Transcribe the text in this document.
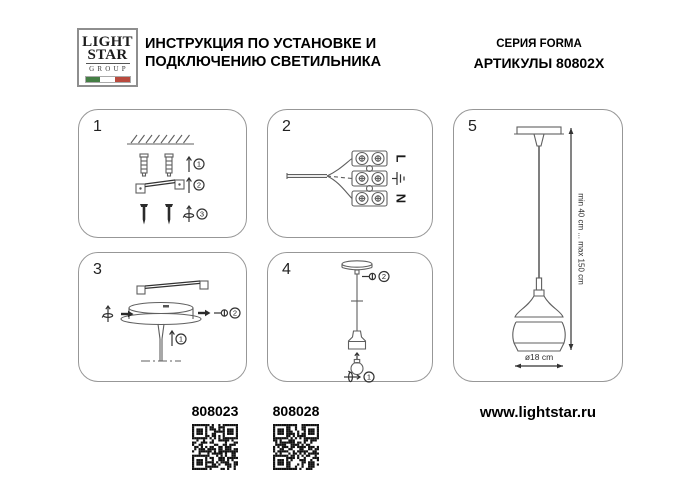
LIGHT
STAR
GROUP
ИНСТРУКЦИЯ ПО УСТАНОВКЕ И
ПОДКЛЮЧЕНИЮ СВЕТИЛЬНИКА
СЕРИЯ FORMA
АРТИКУЛЫ 80802X
1
1
2
3
2
L
N
3
2
1
4	2
1
5
min 40 cm ... max 150 cm
ø18 cm
808023	808028	www.lightstar.ru
